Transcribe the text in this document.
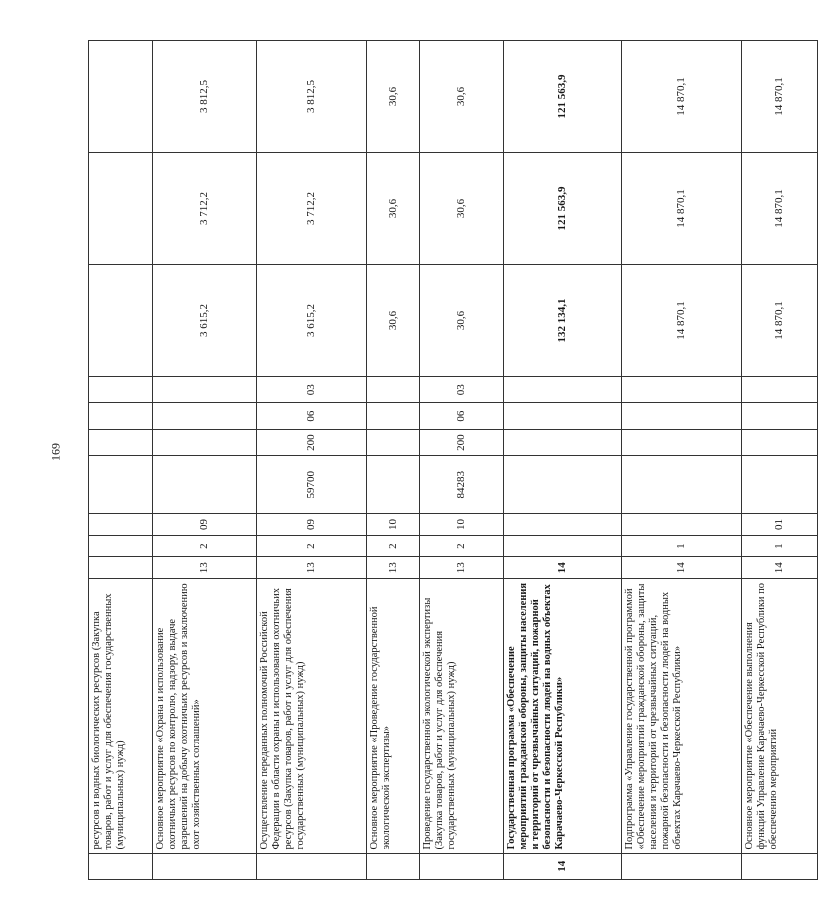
169
	ресурсов и водных биологических ресурсов (Закупка товаров, работ и услуг для обеспечения государственных (муниципальных) нужд)										
	Основное мероприятие «Охрана и использование охотничьих ресурсов по контролю, надзору, выдаче разрешений на добычу охотничьих ресурсов и заключению охот хозяйственных соглашений»	13	2	09					3 615,2	3 712,2	3 812,5
	Осуществление переданных полномочий Российской Федерации в области охраны и использования охотничьих ресурсов (Закупка товаров, работ и услуг для обеспечения государственных (муниципальных) нужд)	13	2	09	59700	200	06	03	3 615,2	3 712,2	3 812,5
	Основное мероприятие «Проведение государственной экологической экспертизы»	13	2	10					30,6	30,6	30,6
	Проведение государственной экологической экспертизы (Закупка товаров, работ и услуг для обеспечения государственных (муниципальных) нужд)	13	2	10	84283	200	06	03	30,6	30,6	30,6
14	Государственная программа «Обеспечение мероприятий гражданской обороны, защиты населения и территорий от чрезвычайных ситуаций, пожарной безопасности и безопасности людей на водных объектах Карачаево-Черкесской Республики»	14							132 134,1	121 563,9	121 563,9
	Подпрограмма «Управление государственной программой «Обеспечение мероприятий гражданской обороны, защиты населения и территорий от чрезвычайных ситуаций, пожарной безопасности и безопасности людей на водных объектах Карачаево-Черкесской Республики»	14	1						14 870,1	14 870,1	14 870,1
	Основное мероприятие «Обеспечение выполнения функций Управление Карачаево-Черкесской Республики по обеспечению мероприятий	14	1	01					14 870,1	14 870,1	14 870,1
